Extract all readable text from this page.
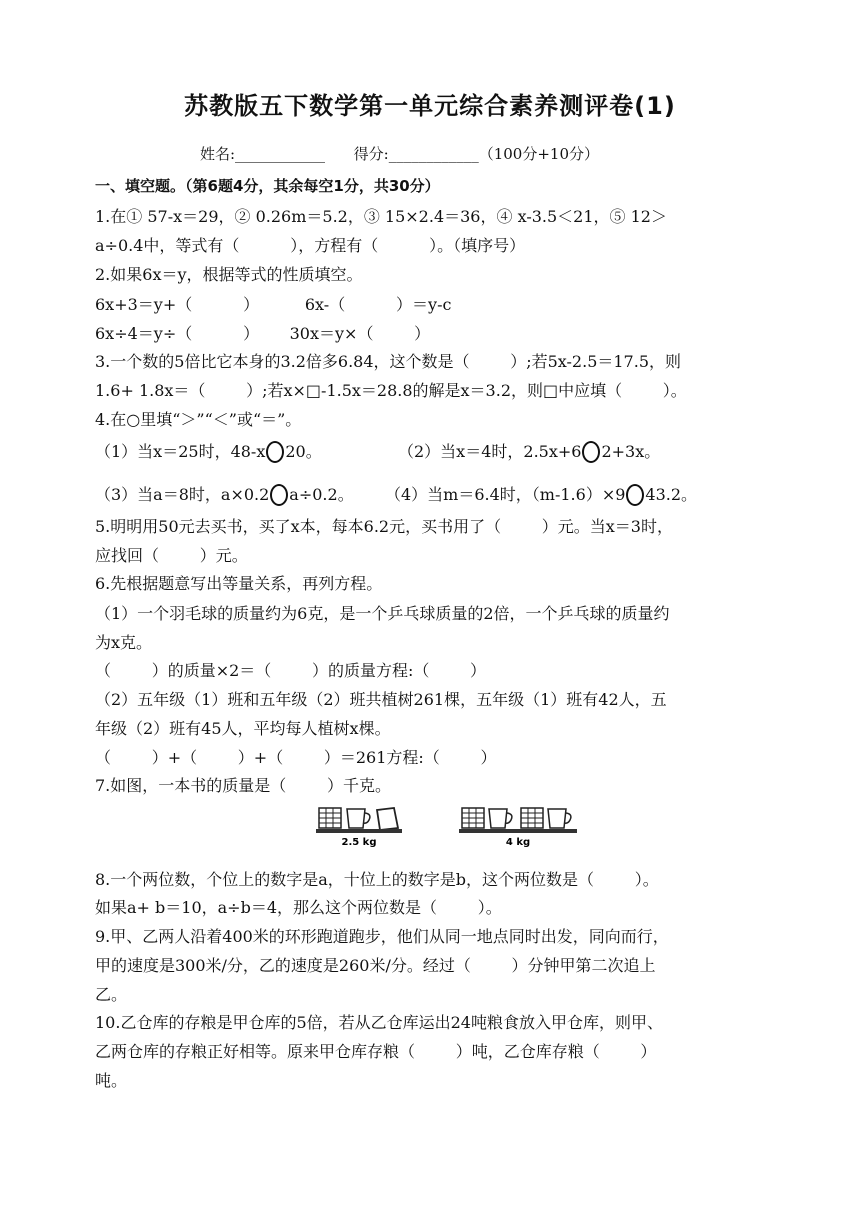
苏教版五下数学第一单元综合素养测评卷(1)
姓名:____________      得分:____________（100分+10分）
一、填空题。（第6题4分，其余每空1分，共30分）
1.在① 57-x＝29，② 0.26m＝5.2，③ 15×2.4＝36，④ x-3.5＜21，⑤ 12＞
a÷0.4中，等式有（          ），方程有（          ）。（填序号）
2.如果6x＝y，根据等式的性质填空。
6x+3＝y+（          ）         6x-（          ）＝y-c
6x÷4＝y÷（          ）      30x＝y×（        ）
3.一个数的5倍比它本身的3.2倍多6.84，这个数是（        ）;若5x-2.5＝17.5，则
1.6+ 1.8x＝（        ）;若x×□-1.5x＝28.8的解是x＝3.2，则□中应填（        ）。
4.在○里填“＞”“＜”或“＝”。
（1）当x＝25时，48-x 20。	（2）当x＝4时，2.5x+6 2+3x。
（3）当a＝8时，a×0.2 a÷0.2。	（4）当m＝6.4时，（m-1.6）×9 43.2。
5.明明用50元去买书，买了x本，每本6.2元，买书用了（        ）元。当x＝3时，
应找回（        ）元。
6.先根据题意写出等量关系，再列方程。
（1）一个羽毛球的质量约为6克，是一个乒乓球质量的2倍，一个乒乓球的质量约
为x克。
（        ）的质量×2＝（        ）的质量方程:（        ）
（2）五年级（1）班和五年级（2）班共植树261棵，五年级（1）班有42人，五
年级（2）班有45人，平均每人植树x棵。
（        ）+（        ）+（        ）＝261方程:（        ）
7.如图，一本书的质量是（        ）千克。
2.5 kg	4 kg
8.一个两位数，个位上的数字是a，十位上的数字是b，这个两位数是（        ）。
如果a+ b＝10，a÷b＝4，那么这个两位数是（        ）。
9.甲、乙两人沿着400米的环形跑道跑步，他们从同一地点同时出发，同向而行，
甲的速度是300米/分，乙的速度是260米/分。经过（        ）分钟甲第二次追上
乙。
10.乙仓库的存粮是甲仓库的5倍，若从乙仓库运出24吨粮食放入甲仓库，则甲、
乙两仓库的存粮正好相等。原来甲仓库存粮（        ）吨，乙仓库存粮（        ）
吨。
